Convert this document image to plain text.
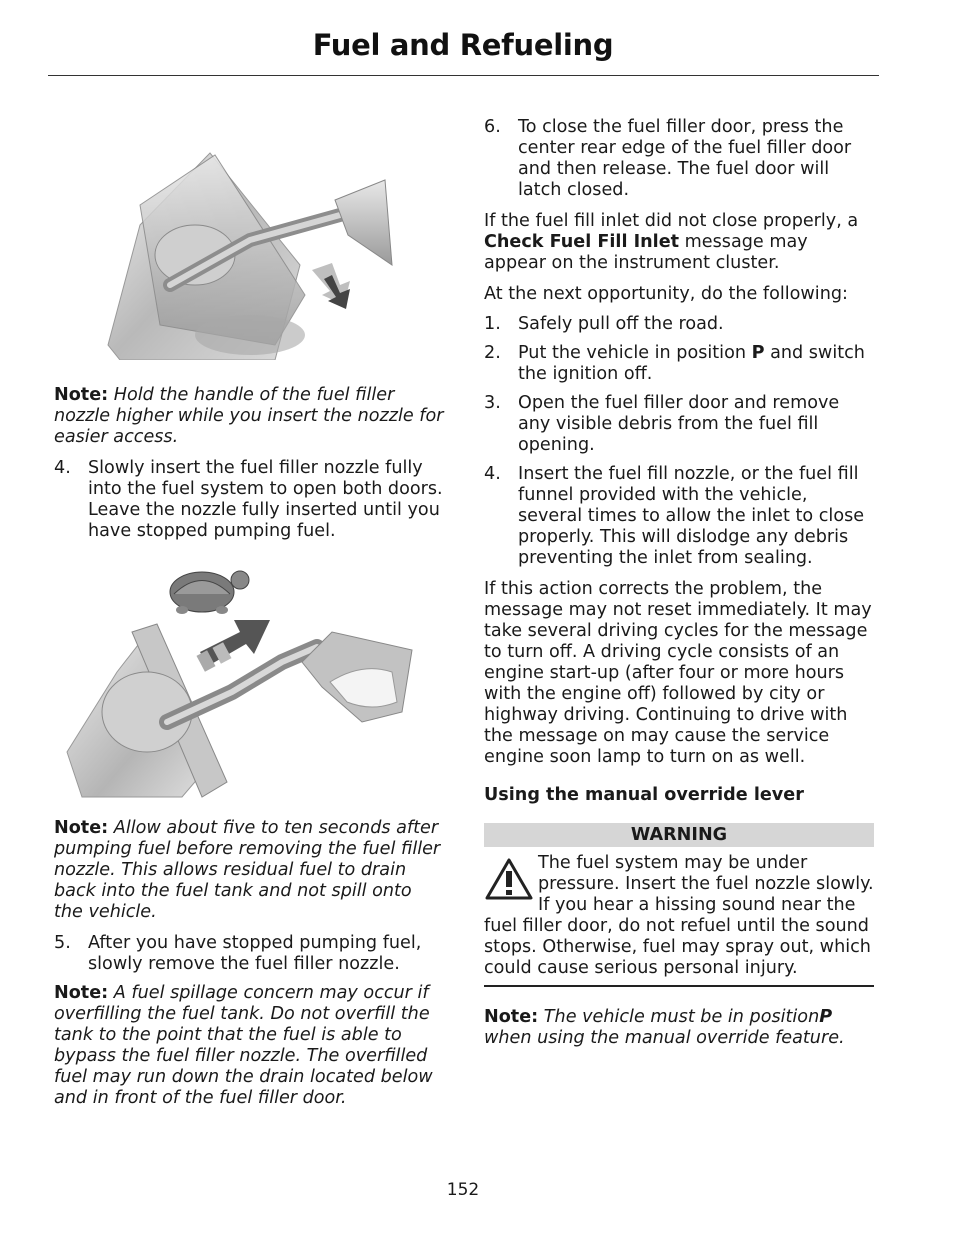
Fuel and Refueling

Note: Hold the handle of the fuel filler nozzle higher while you insert the nozzle for easier access.

4. Slowly insert the fuel filler nozzle fully into the fuel system to open both doors. Leave the nozzle fully inserted until you have stopped pumping fuel.

Note: Allow about five to ten seconds after pumping fuel before removing the fuel filler nozzle. This allows residual fuel to drain back into the fuel tank and not spill onto the vehicle.

5. After you have stopped pumping fuel, slowly remove the fuel filler nozzle.

Note: A fuel spillage concern may occur if overfilling the fuel tank. Do not overfill the tank to the point that the fuel is able to bypass the fuel filler nozzle. The overfilled fuel may run down the drain located below and in front of the fuel filler door.

6. To close the fuel filler door, press the center rear edge of the fuel filler door and then release. The fuel door will latch closed.

If the fuel fill inlet did not close properly, a Check Fuel Fill Inlet message may appear on the instrument cluster.

At the next opportunity, do the following:

1. Safely pull off the road.
2. Put the vehicle in position P and switch the ignition off.
3. Open the fuel filler door and remove any visible debris from the fuel fill opening.
4. Insert the fuel fill nozzle, or the fuel fill funnel provided with the vehicle, several times to allow the inlet to close properly. This will dislodge any debris preventing the inlet from sealing.

If this action corrects the problem, the message may not reset immediately. It may take several driving cycles for the message to turn off. A driving cycle consists of an engine start-up (after four or more hours with the engine off) followed by city or highway driving. Continuing to drive with the message on may cause the service engine soon lamp to turn on as well.

Using the manual override lever

WARNING
The fuel system may be under pressure. Insert the fuel nozzle slowly. If you hear a hissing sound near the fuel filler door, do not refuel until the sound stops. Otherwise, fuel may spray out, which could cause serious personal injury.

Note: The vehicle must be in positionP when using the manual override feature.

152
